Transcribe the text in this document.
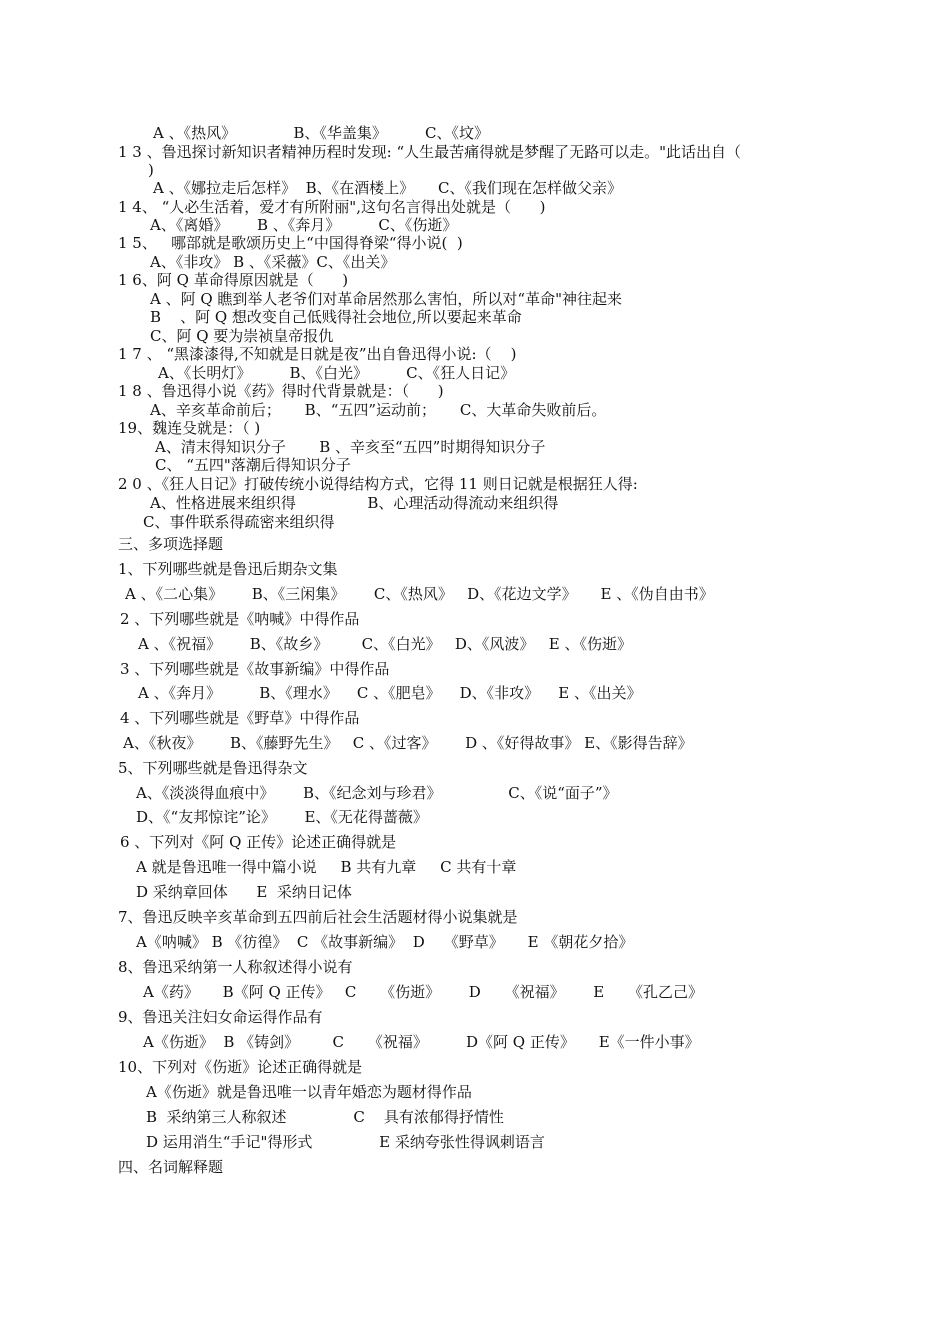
A 、《热风》            B、《华盖集》        C、《坟》
1 3 、鲁迅探讨新知识者精神历程时发现: “人生最苦痛得就是梦醒了无路可以走。"此话出自（
)
A 、《娜拉走后怎样》  B、《在酒楼上》     C、《我们现在怎样做父亲》
1 4、 “人必生活着，爱才有所附丽",这句名言得出处就是（      )
A、《离婚》      B 、《奔月》        C、《伤逝》
1 5、   哪部就是歌颂历史上“中国得脊梁“得小说(  )
A、《非攻》 B 、《采薇》C、《出关》
1 6、阿 Q 革命得原因就是（      )
A 、阿 Q 瞧到举人老爷们对革命居然那么害怕，所以对“革命"神往起来
B    、阿 Q 想改变自己低贱得社会地位,所以要起来革命
C、阿 Q 要为崇祯皇帝报仇
1 7 、 “黑漆漆得,不知就是日就是夜”出自鲁迅得小说:（    )
A、《长明灯》        B、《白光》        C、《狂人日记》
1 8 、鲁迅得小说《药》得时代背景就是：（      )
A、辛亥革命前后；     B、“五四”运动前；     C、大革命失败前后。
19、魏连殳就是：（ )
A、清末得知识分子       B 、辛亥至“五四”时期得知识分子
C、 “五四"落潮后得知识分子
2 0 、《狂人日记》打破传统小说得结构方式，它得 11 则日记就是根据狂人得:
A、性格进展来组织得               B、心理活动得流动来组织得
C、事件联系得疏密来组织得
三、多项选择题
1、下列哪些就是鲁迅后期杂文集
A 、《二心集》      B、《三闲集》      C、《热风》   D、《花边文学》     E 、《伪自由书》
2 、下列哪些就是《呐喊》中得作品
A 、《祝福》      B、《故乡》       C、《白光》   D、《风波》   E 、《伤逝》
3 、下列哪些就是《故事新编》中得作品
A 、《奔月》        B、《理水》    C 、《肥皂》    D、《非攻》    E 、《出关》
4 、下列哪些就是《野草》中得作品
A、《秋夜》      B、《藤野先生》   C 、《过客》      D 、《好得故事》 E、《影得告辞》
5、下列哪些就是鲁迅得杂文
A、《淡淡得血痕中》      B、《纪念刘与珍君》              C、《说“面子”》
D、《“友邦惊诧”论》      E、《无花得蔷薇》
6 、下列对《阿 Q 正传》论述正确得就是
A 就是鲁迅唯一得中篇小说     B 共有九章     C 共有十章
D 采纳章回体      E  采纳日记体
7、鲁迅反映辛亥革命到五四前后社会生活题材得小说集就是
A《呐喊》 B 《彷徨》  C 《故事新编》  D    《野草》     E 《朝花夕拾》
8、鲁迅采纳第一人称叙述得小说有
A《药》     B《阿 Q 正传》   C     《伤逝》      D     《祝福》      E     《孔乙己》
9、鲁迅关注妇女命运得作品有
A《伤逝》  B 《铸剑》       C     《祝福》        D《阿 Q 正传》     E《一件小事》
10、下列对《伤逝》论述正确得就是
A《伤逝》就是鲁迅唯一以青年婚恋为题材得作品
B  采纳第三人称叙述              C    具有浓郁得抒情性
D 运用消生“手记"得形式              E 采纳夸张性得讽刺语言
四、名词解释题
